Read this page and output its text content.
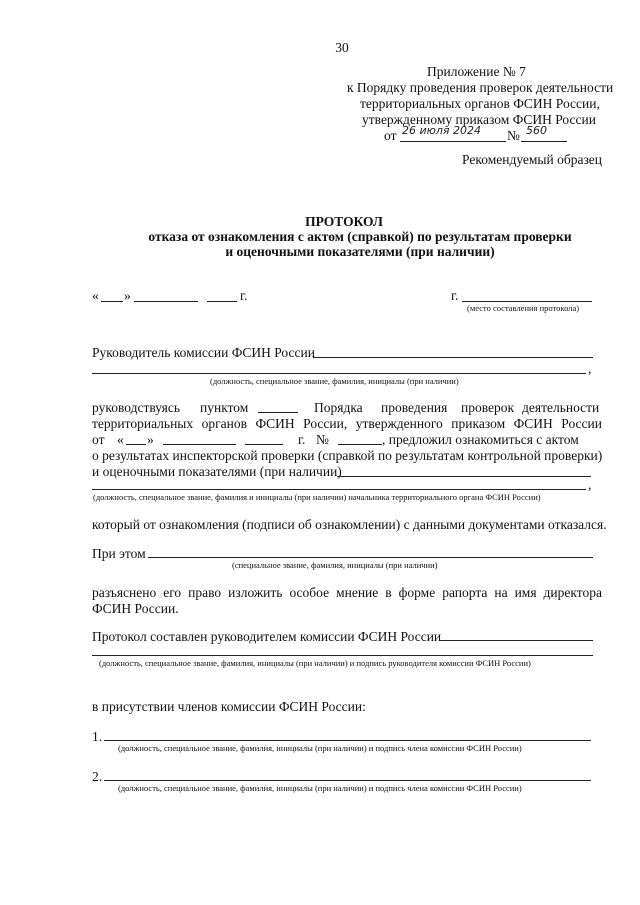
30
Приложение № 7
к Порядку проведения проверок деятельности
территориальных органов ФСИН России,
утвержденному приказом ФСИН России
от 26 июля 2024 № 560
Рекомендуемый образец
ПРОТОКОЛ
отказа от ознакомления с актом (справкой) по результатам проверки
и оценочными показателями (при наличии)
« »	г.	г.
(место составления протокола)
Руководитель комиссии ФСИН России
,
(должность, специальное звание, фамилия, инициалы (при наличии)
руководствуясь пунктом	Порядка проведения проверок деятельности
территориальных органов ФСИН России, утвержденного приказом ФСИН России
от « »	г. №	, предложил ознакомиться с актом
о результатах инспекторской проверки (справкой по результатам контрольной проверки)
и оценочными показателями (при наличии)
,
(должность, специальное звание, фамилия и инициалы (при наличии) начальника территориального органа ФСИН России)
который от ознакомления (подписи об ознакомлении) с данными документами отказался.
При этом
(специальное звание, фамилия, инициалы (при наличии)
разъяснено его право изложить особое мнение в форме рапорта на имя директора
ФСИН России.
Протокол составлен руководителем комиссии ФСИН России
(должность, специальное звание, фамилия, инициалы (при наличии) и подпись руководителя комиссии ФСИН России)
в присутствии членов комиссии ФСИН России:
1.
(должность, специальное звание, фамилия, инициалы (при наличии) и подпись члена комиссии ФСИН России)
2.
(должность, специальное звание, фамилия, инициалы (при наличии) и подпись члена комиссии ФСИН России)
